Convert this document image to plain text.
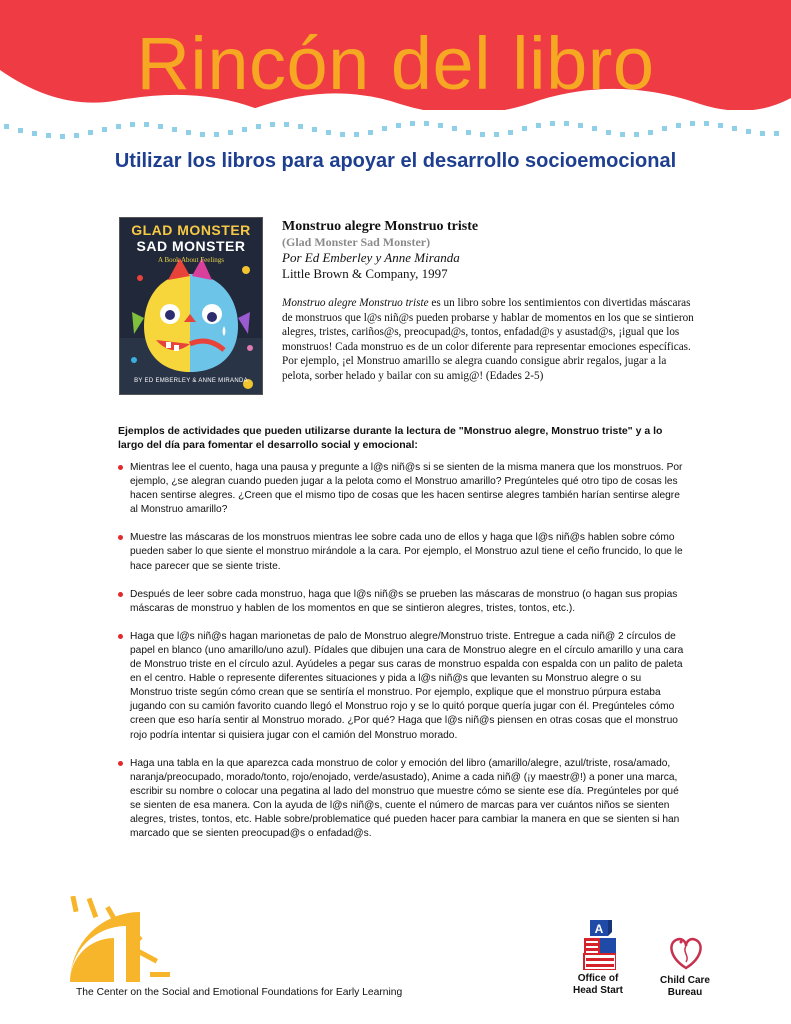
Rincón del libro
Utilizar los libros para apoyar el desarrollo socioemocional
GLAD MONSTER
SAD MONSTER
A Book About Feelings
BY ED EMBERLEY & ANNE MIRANDA
Monstruo alegre Monstruo triste
(Glad Monster Sad Monster)
Por Ed Emberley y Anne Miranda
Little Brown & Company, 1997
Monstruo alegre Monstruo triste es un libro sobre los sentimientos con divertidas máscaras de monstruos que l@s niñ@s pueden probarse y hablar de momentos en los que se sintieron alegres, tristes, cariños@s, preocupad@s, tontos, enfadad@s y asustad@s, ¡igual que los monstruos! Cada monstruo es de un color diferente para representar emociones específicas. Por ejemplo, ¡el Monstruo amarillo se alegra cuando consigue abrir regalos, jugar a la pelota, sorber helado y bailar con su amig@! (Edades 2-5)
Ejemplos de actividades que pueden utilizarse durante la lectura de "Monstruo alegre, Monstruo triste" y a lo largo del día para fomentar el desarrollo social y emocional:
Mientras lee el cuento, haga una pausa y pregunte a l@s niñ@s si se sienten de la misma manera que los monstruos. Por ejemplo, ¿se alegran cuando pueden jugar a la pelota como el Monstruo amarillo? Pregúnteles qué otro tipo de cosas les hacen sentirse alegres. ¿Creen que el mismo tipo de cosas que les hacen sentirse alegres también harían sentirse alegre al Monstruo amarillo?
Muestre las máscaras de los monstruos mientras lee sobre cada uno de ellos y haga que l@s niñ@s hablen sobre cómo pueden saber lo que siente el monstruo mirándole a la cara. Por ejemplo, el Monstruo azul tiene el ceño fruncido, lo que le hace parecer que se siente triste.
Después de leer sobre cada monstruo, haga que l@s niñ@s se prueben las máscaras de monstruo (o hagan sus propias máscaras de monstruo y hablen de los momentos en que se sintieron alegres, tristes, tontos, etc.).
Haga que l@s niñ@s hagan marionetas de palo de Monstruo alegre/Monstruo triste. Entregue a cada niñ@ 2 círculos de papel en blanco (uno amarillo/uno azul). Pídales que dibujen una cara de Monstruo alegre en el círculo amarillo y una cara de Monstruo triste en el círculo azul. Ayúdeles a pegar sus caras de monstruo espalda con espalda con un palito de paleta en el centro. Hable o represente diferentes situaciones y pida a l@s niñ@s que levanten su Monstruo alegre o su Monstruo triste según cómo crean que se sentiría el monstruo. Por ejemplo, explique que el monstruo púrpura estaba jugando con su camión favorito cuando llegó el Monstruo rojo y se lo quitó porque quería jugar con él. Pregúnteles cómo creen que eso haría sentir al Monstruo morado. ¿Por qué? Haga que l@s niñ@s piensen en otras cosas que el monstruo rojo podría intentar si quisiera jugar con el camión del Monstruo morado.
Haga una tabla en la que aparezca cada monstruo de color y emoción del libro (amarillo/alegre, azul/triste, rosa/amado, naranja/preocupado, morado/tonto, rojo/enojado, verde/asustado), Anime a cada niñ@ (¡y maestr@!) a poner una marca, escribir su nombre o colocar una pegatina al lado del monstruo que muestre cómo se siente ese día. Pregúnteles por qué se sienten de esa manera. Con la ayuda de l@s niñ@s, cuente el número de marcas para ver cuántos niños se sienten alegres, tristes, tontos, etc. Hable sobre/problematice qué pueden hacer para cambiar la manera en que se sienten si han marcado que se sienten preocupad@s o enfadad@s.
The Center on the Social and Emotional Foundations for Early Learning
A
Office of Head Start
Child Care Bureau
